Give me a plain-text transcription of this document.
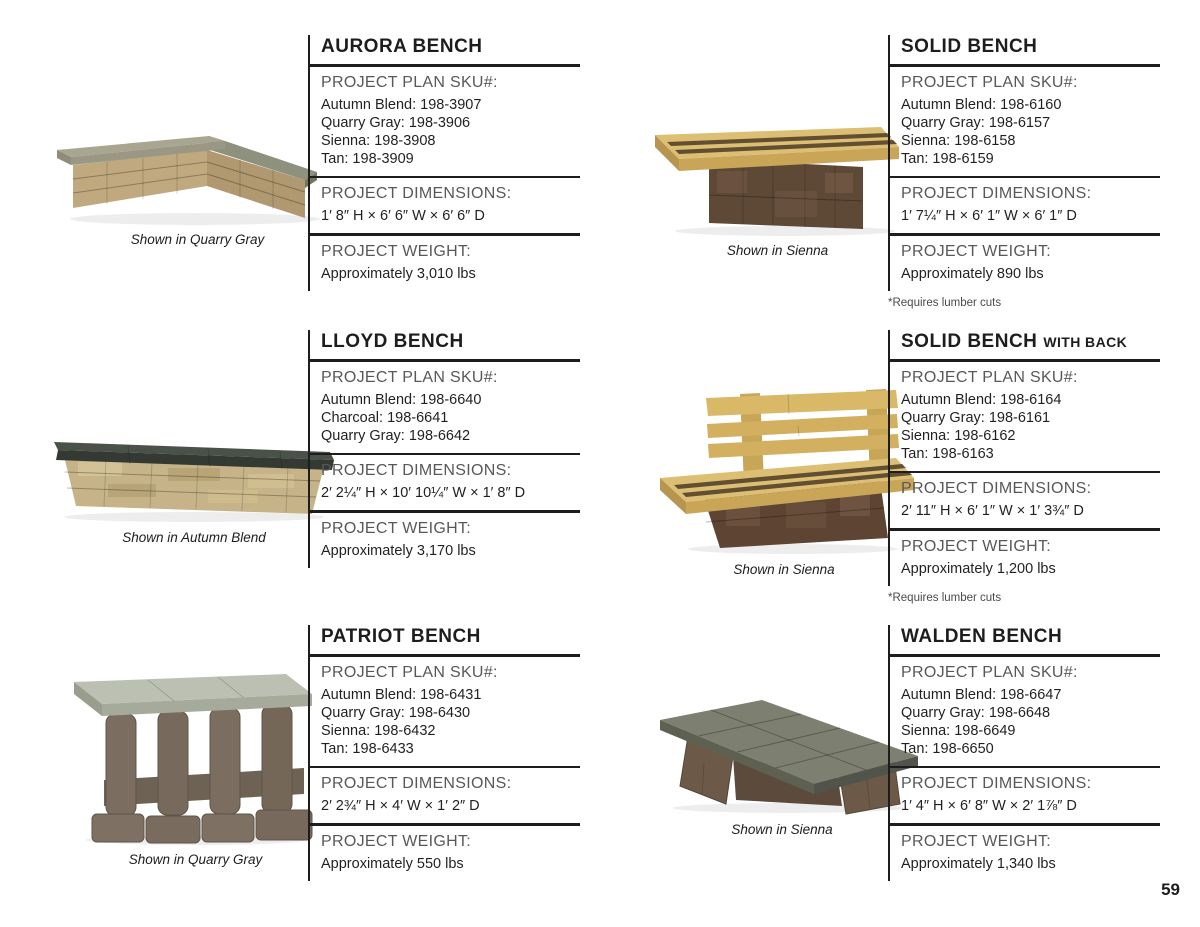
Shown in Quarry Gray
AURORA BENCH
PROJECT PLAN SKU#:
Autumn Blend: 198-3907
Quarry Gray: 198-3906
Sienna: 198-3908
Tan: 198-3909
PROJECT DIMENSIONS:
1′ 8″ H × 6′ 6″ W × 6′ 6″ D
PROJECT WEIGHT:
Approximately 3,010 lbs
Shown in Sienna
SOLID BENCH
PROJECT PLAN SKU#:
Autumn Blend: 198-6160
Quarry Gray: 198-6157
Sienna: 198-6158
Tan: 198-6159
PROJECT DIMENSIONS:
1′ 7¼″ H × 6′ 1″ W × 6′ 1″ D
PROJECT WEIGHT:
Approximately 890 lbs
*Requires lumber cuts
Shown in Autumn Blend
LLOYD BENCH
PROJECT PLAN SKU#:
Autumn Blend: 198-6640
Charcoal: 198-6641
Quarry Gray: 198-6642
PROJECT DIMENSIONS:
2′ 2¼″ H × 10′ 10¼″ W × 1′ 8″ D
PROJECT WEIGHT:
Approximately 3,170 lbs
Shown in Sienna
SOLID BENCH WITH BACK
PROJECT PLAN SKU#:
Autumn Blend: 198-6164
Quarry Gray: 198-6161
Sienna: 198-6162
Tan: 198-6163
PROJECT DIMENSIONS:
2′ 11″ H × 6′ 1″ W × 1′ 3¾″ D
PROJECT WEIGHT:
Approximately 1,200 lbs
*Requires lumber cuts
Shown in Quarry Gray
PATRIOT BENCH
PROJECT PLAN SKU#:
Autumn Blend: 198-6431
Quarry Gray: 198-6430
Sienna: 198-6432
Tan: 198-6433
PROJECT DIMENSIONS:
2′ 2¾″ H × 4′ W × 1′ 2″ D
PROJECT WEIGHT:
Approximately 550 lbs
Shown in Sienna
WALDEN BENCH
PROJECT PLAN SKU#:
Autumn Blend: 198-6647
Quarry Gray: 198-6648
Sienna: 198-6649
Tan: 198-6650
PROJECT DIMENSIONS:
1′ 4″ H × 6′ 8″ W × 2′ 1⅞″ D
PROJECT WEIGHT:
Approximately 1,340 lbs
59
